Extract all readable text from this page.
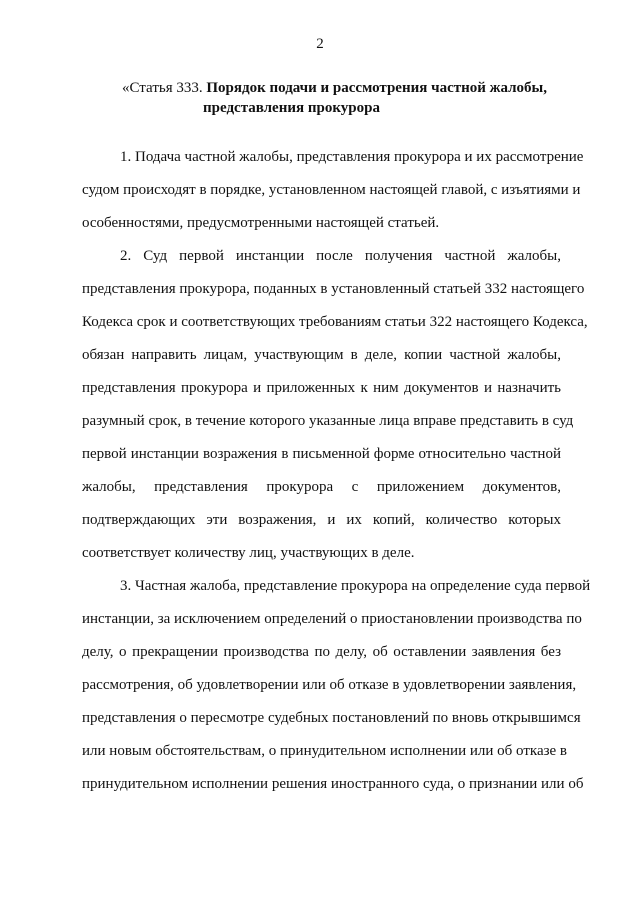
2
«Статья 333. Порядок подачи и рассмотрения частной жалобы,
представления прокурора
1. Подача частной жалобы, представления прокурора и их рассмотрение
судом происходят в порядке, установленном настоящей главой, с изъятиями и
особенностями, предусмотренными настоящей статьей.
2. Суд первой инстанции после получения частной жалобы,
представления прокурора, поданных в установленный статьей 332 настоящего
Кодекса срок и соответствующих требованиям статьи 322 настоящего Кодекса,
обязан направить лицам, участвующим в деле, копии частной жалобы,
представления прокурора и приложенных к ним документов и назначить
разумный срок, в течение которого указанные лица вправе представить в суд
первой инстанции возражения в письменной форме относительно частной
жалобы, представления прокурора с приложением документов,
подтверждающих эти возражения, и их копий, количество которых
соответствует количеству лиц, участвующих в деле.
3. Частная жалоба, представление прокурора на определение суда первой
инстанции, за исключением определений о приостановлении производства по
делу, о прекращении производства по делу, об оставлении заявления без
рассмотрения, об удовлетворении или об отказе в удовлетворении заявления,
представления о пересмотре судебных постановлений по вновь открывшимся
или новым обстоятельствам, о принудительном исполнении или об отказе в
принудительном исполнении решения иностранного суда, о признании или об
